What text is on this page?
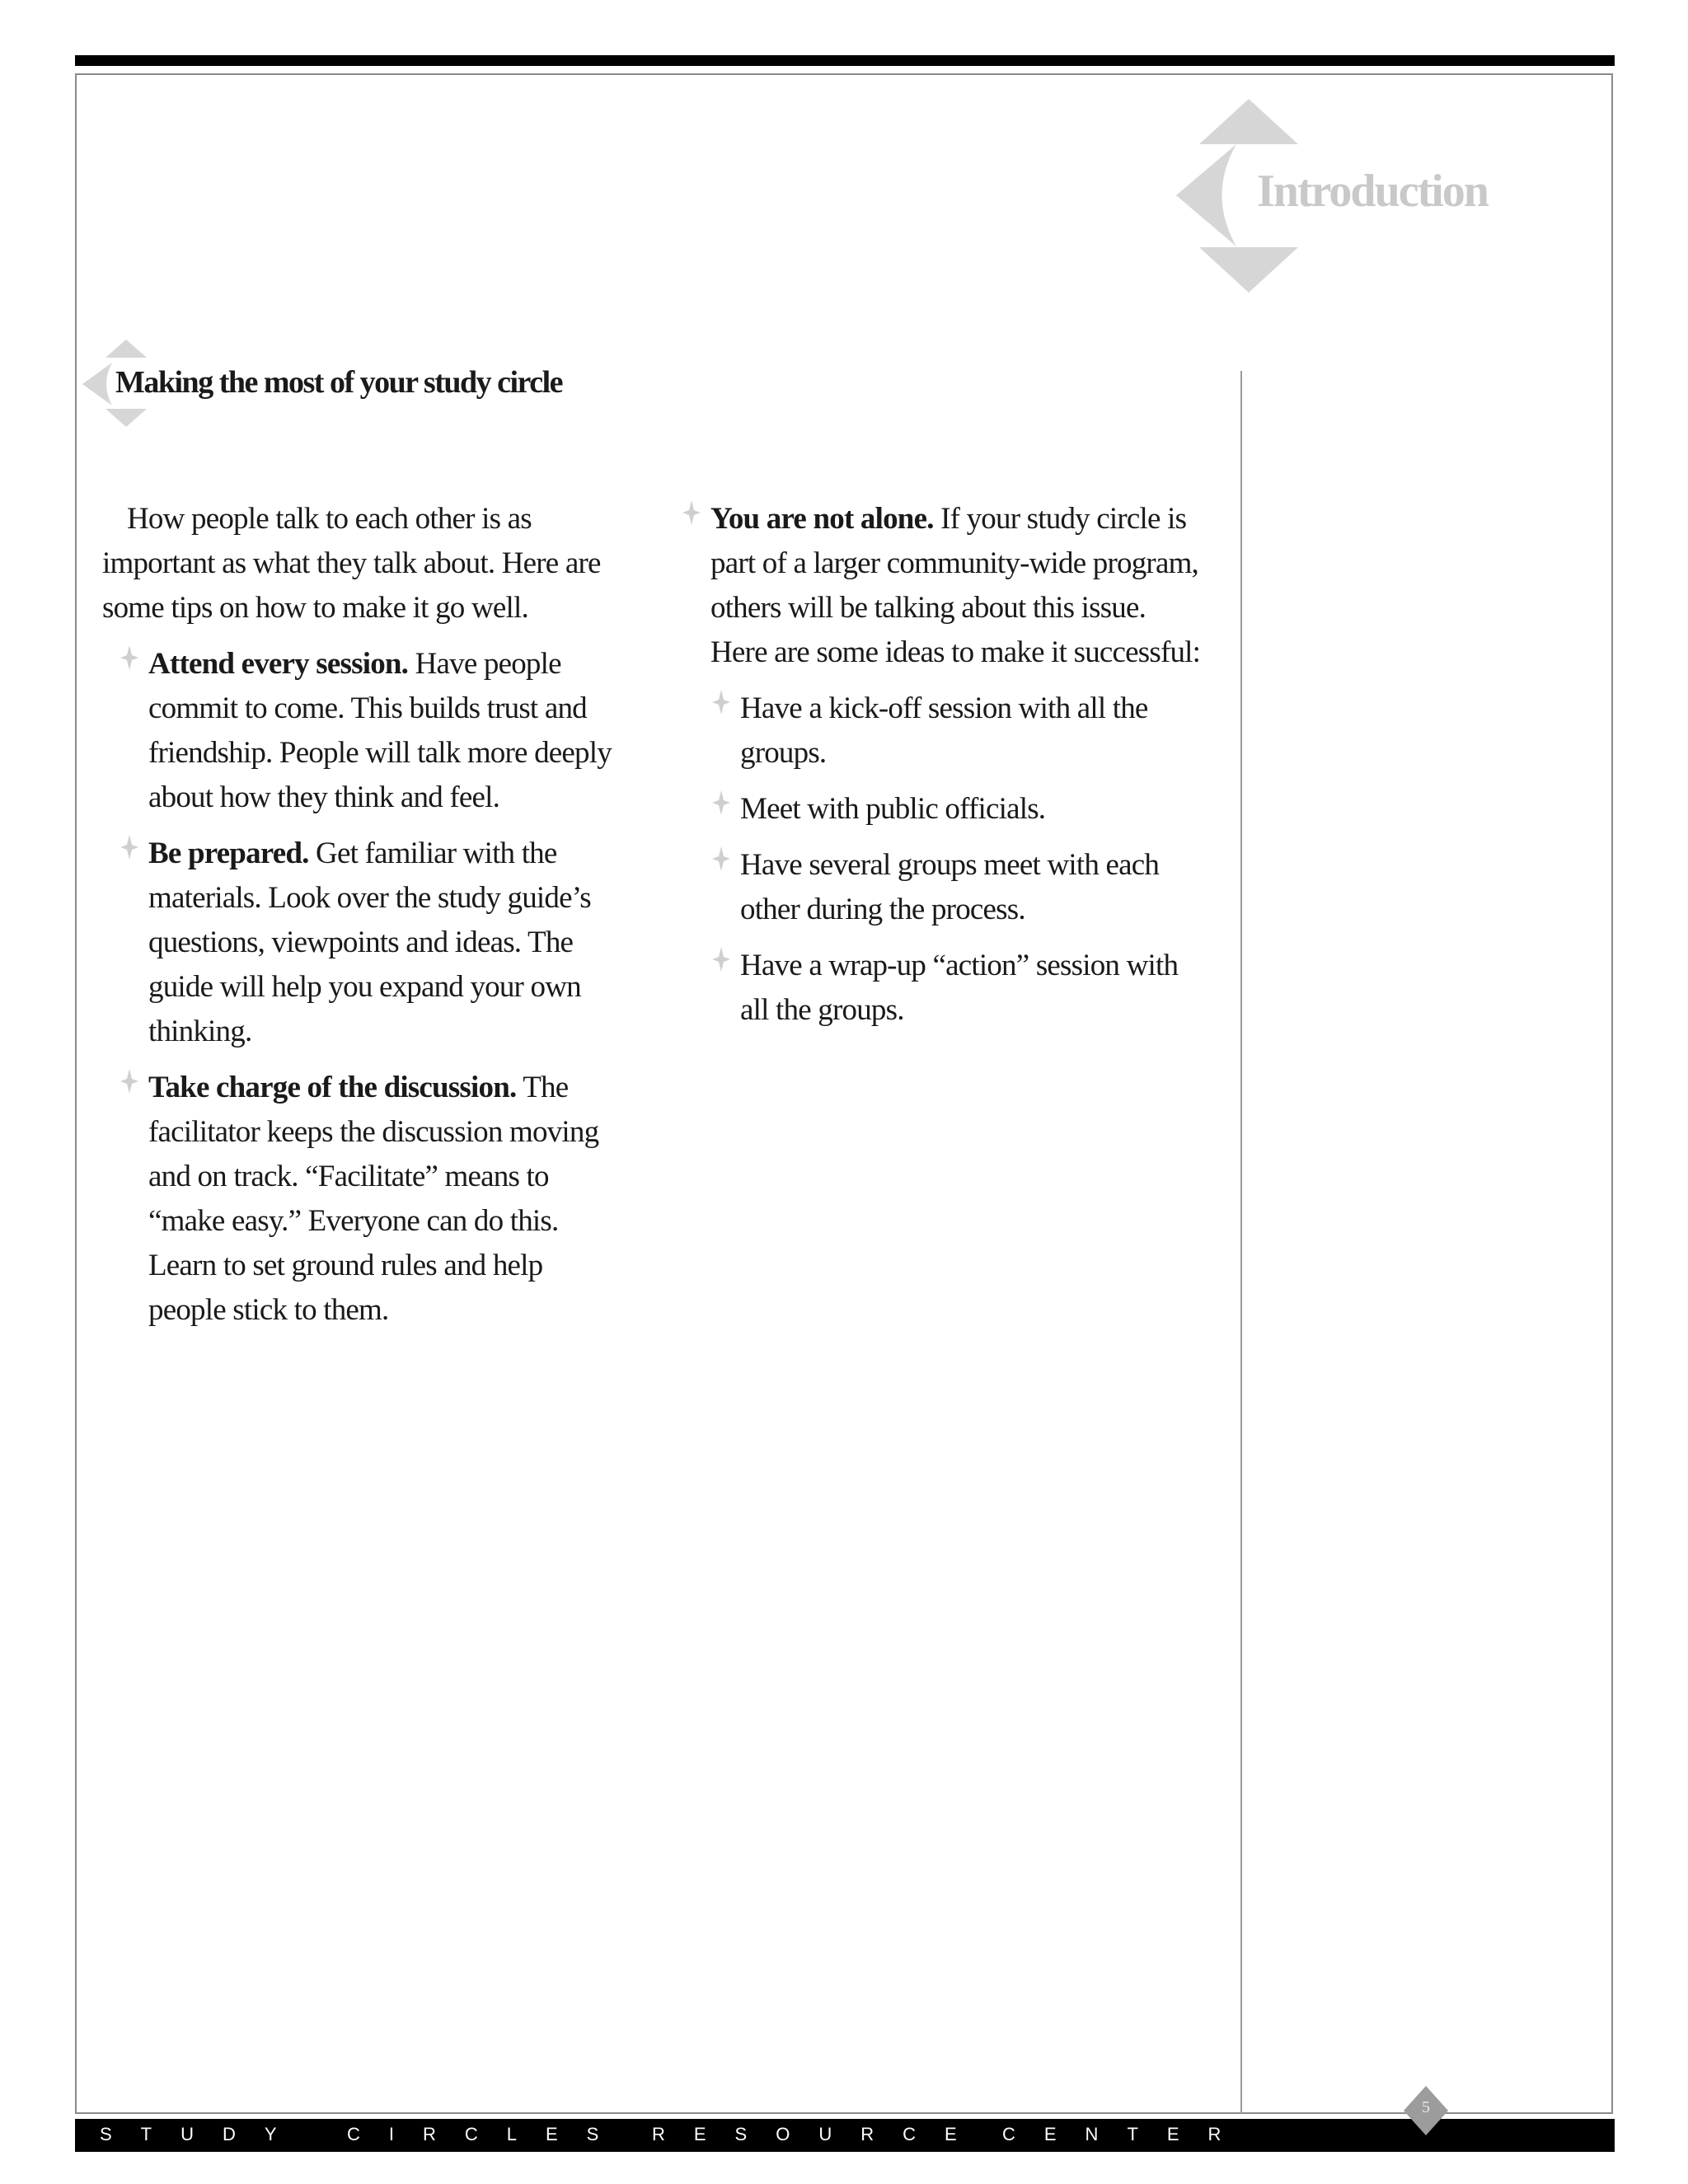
Introduction
Making the most of your study circle

How people talk to each other is as important as what they talk about. Here are some tips on how to make it go well.

Attend every session. Have people commit to come. This builds trust and friendship. People will talk more deeply about how they think and feel.
Be prepared. Get familiar with the materials. Look over the study guide’s questions, viewpoints and ideas. The guide will help you expand your own thinking.
Take charge of the discussion. The facilitator keeps the discussion moving and on track. “Facilitate” means to “make easy.” Everyone can do this. Learn to set ground rules and help people stick to them.
You are not alone. If your study circle is part of a larger community-wide program, others will be talking about this issue. Here are some ideas to make it successful:
Have a kick-off session with all the groups.
Meet with public officials.
Have several groups meet with each other during the process.
Have a wrap-up “action” session with all the groups.
STUDY CIRCLES RESOURCE CENTER
5
